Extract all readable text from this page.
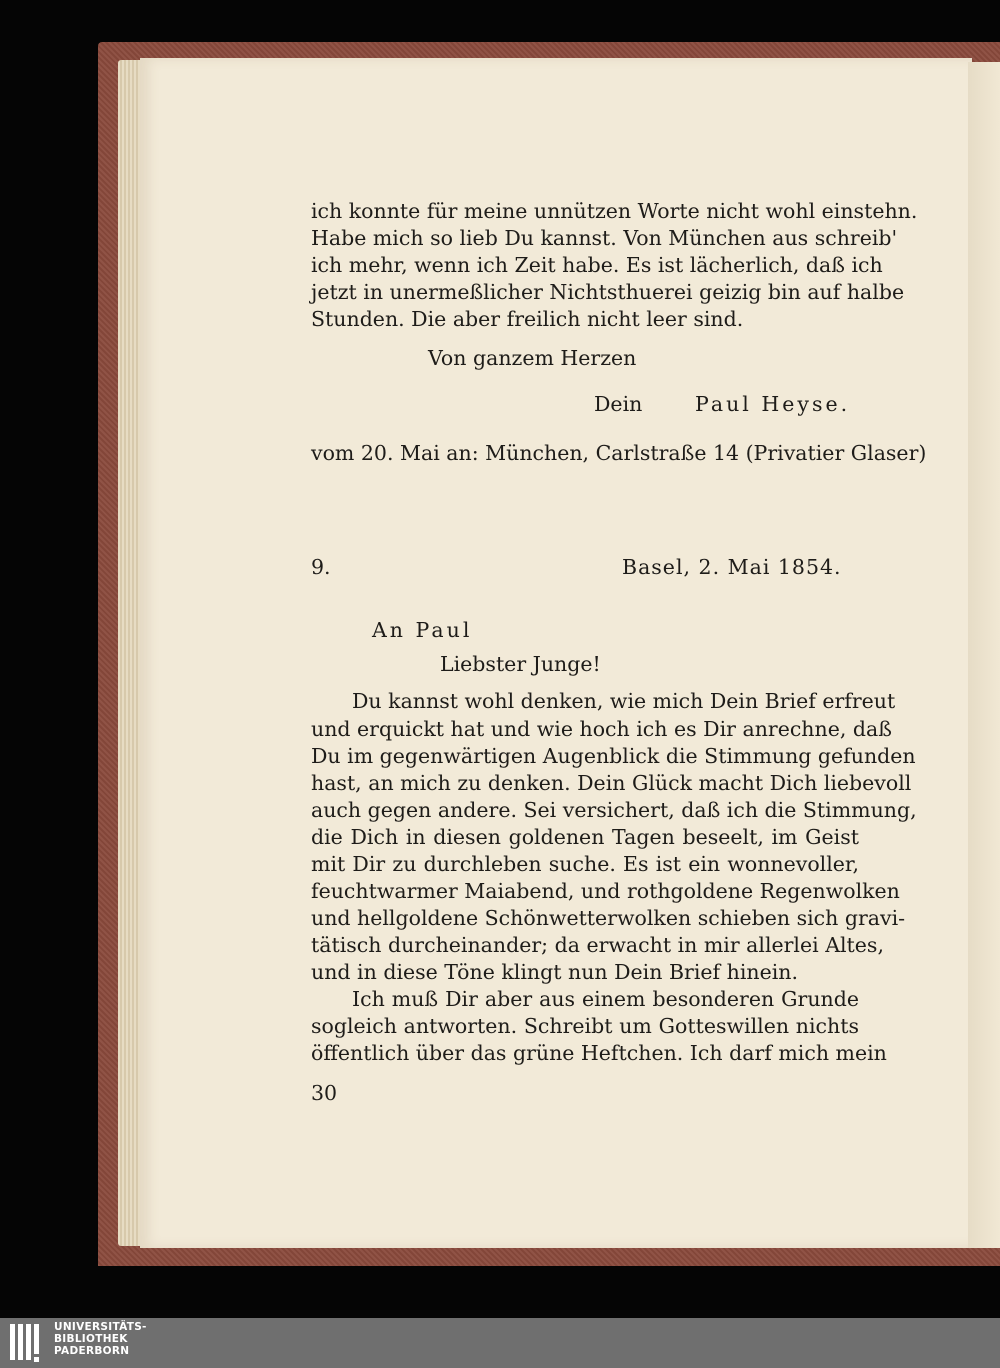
ich konnte für meine unnützen Worte nicht wohl einstehn.
Habe mich so lieb Du kannst. Von München aus schreib'
ich mehr, wenn ich Zeit habe. Es ist lächerlich, daß ich
jetzt in unermeßlicher Nichtsthuerei geizig bin auf halbe
Stunden. Die aber freilich nicht leer sind.
Von ganzem Herzen
Dein	Paul Heyse.
vom 20. Mai an: München, Carlstraße 14 (Privatier Glaser)
9.	Basel, 2. Mai 1854.
An Paul
Liebster Junge!
Du kannst wohl denken, wie mich Dein Brief erfreut
und erquickt hat und wie hoch ich es Dir anrechne, daß
Du im gegenwärtigen Augenblick die Stimmung gefunden
hast, an mich zu denken. Dein Glück macht Dich liebevoll
auch gegen andere. Sei versichert, daß ich die Stimmung,
die Dich in diesen goldenen Tagen beseelt, im Geist
mit Dir zu durchleben suche. Es ist ein wonnevoller,
feuchtwarmer Maiabend, und rothgoldene Regenwolken
und hellgoldene Schönwetterwolken schieben sich gravi-
tätisch durcheinander; da erwacht in mir allerlei Altes,
und in diese Töne klingt nun Dein Brief hinein.
Ich muß Dir aber aus einem besonderen Grunde
sogleich antworten. Schreibt um Gotteswillen nichts
öffentlich über das grüne Heftchen. Ich darf mich mein
30
UNIVERSITÄTS-
BIBLIOTHEK
PADERBORN
